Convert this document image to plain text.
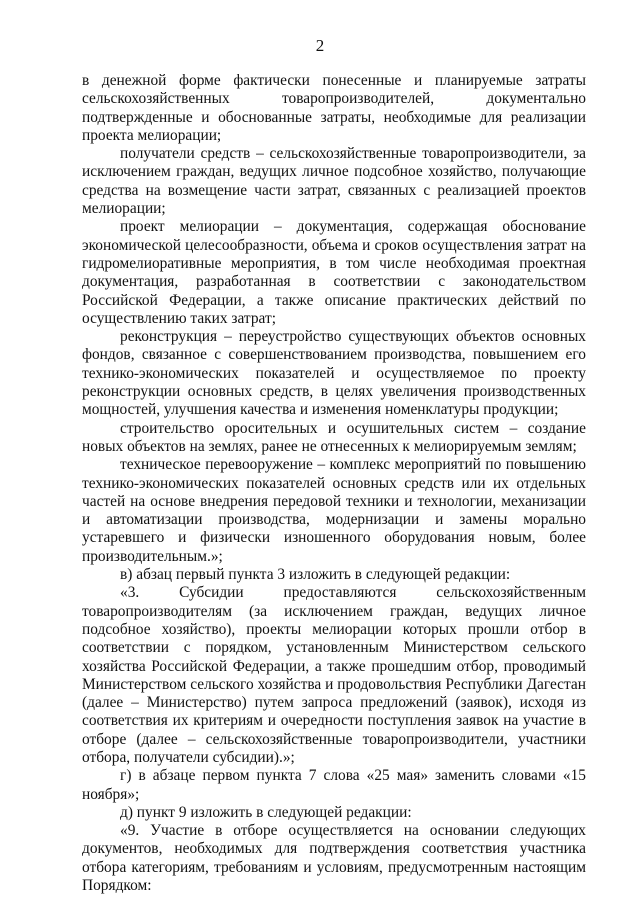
2

в денежной форме фактически понесенные и планируемые затраты сельскохозяйственных товаропроизводителей, документально подтвержденные и обоснованные затраты, необходимые для реализации проекта мелиорации;

получатели средств – сельскохозяйственные товаропроизводители, за исключением граждан, ведущих личное подсобное хозяйство, получающие средства на возмещение части затрат, связанных с реализацией проектов мелиорации;

проект мелиорации – документация, содержащая обоснование экономической целесообразности, объема и сроков осуществления затрат на гидромелиоративные мероприятия, в том числе необходимая проектная документация, разработанная в соответствии с законодательством Российской Федерации, а также описание практических действий по осуществлению таких затрат;

реконструкция – переустройство существующих объектов основных фондов, связанное с совершенствованием производства, повышением его технико-экономических показателей и осуществляемое по проекту реконструкции основных средств, в целях увеличения производственных мощностей, улучшения качества и изменения номенклатуры продукции;

строительство оросительных и осушительных систем – создание новых объектов на землях, ранее не отнесенных к мелиорируемым землям;

техническое перевооружение – комплекс мероприятий по повышению технико-экономических показателей основных средств или их отдельных частей на основе внедрения передовой техники и технологии, механизации и автоматизации производства, модернизации и замены морально устаревшего и физически изношенного оборудования новым, более производительным.»;

в) абзац первый пункта 3 изложить в следующей редакции:

«3. Субсидии предоставляются сельскохозяйственным товаропроизводителям (за исключением граждан, ведущих личное подсобное хозяйство), проекты мелиорации которых прошли отбор в соответствии с порядком, установленным Министерством сельского хозяйства Российской Федерации, а также прошедшим отбор, проводимый Министерством сельского хозяйства и продовольствия Республики Дагестан (далее – Министерство) путем запроса предложений (заявок), исходя из соответствия их критериям и очередности поступления заявок на участие в отборе (далее – сельскохозяйственные товаропроизводители, участники отбора, получатели субсидии).»;

г) в абзаце первом пункта 7 слова «25 мая» заменить словами «15 ноября»;

д) пункт 9 изложить в следующей редакции:

«9. Участие в отборе осуществляется на основании следующих документов, необходимых для подтверждения соответствия участника отбора категориям, требованиям и условиям, предусмотренным настоящим Порядком:
